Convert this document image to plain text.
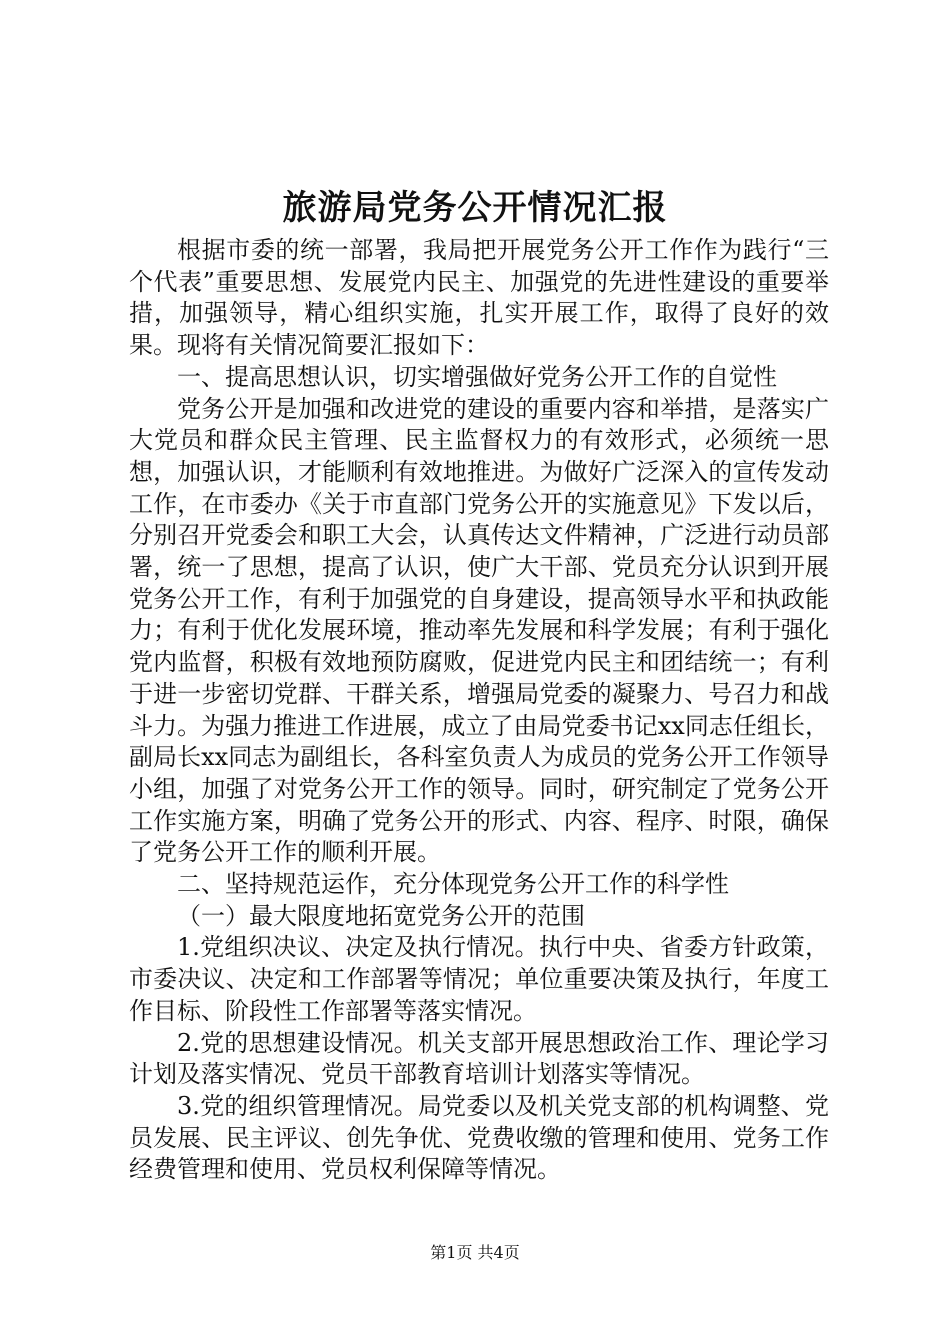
旅游局党务公开情况汇报

根据市委的统一部署，我局把开展党务公开工作作为践行“三个代表”重要思想、发展党内民主、加强党的先进性建设的重要举措，加强领导，精心组织实施，扎实开展工作，取得了良好的效果。现将有关情况简要汇报如下：

一、提高思想认识，切实增强做好党务公开工作的自觉性

党务公开是加强和改进党的建设的重要内容和举措，是落实广大党员和群众民主管理、民主监督权力的有效形式，必须统一思想，加强认识，才能顺利有效地推进。为做好广泛深入的宣传发动工作，在市委办《关于市直部门党务公开的实施意见》下发以后，分别召开党委会和职工大会，认真传达文件精神，广泛进行动员部署，统一了思想，提高了认识，使广大干部、党员充分认识到开展党务公开工作，有利于加强党的自身建设，提高领导水平和执政能力；有利于优化发展环境，推动率先发展和科学发展；有利于强化党内监督，积极有效地预防腐败，促进党内民主和团结统一；有利于进一步密切党群、干群关系，增强局党委的凝聚力、号召力和战斗力。为强力推进工作进展，成立了由局党委书记xx同志任组长，副局长xx同志为副组长，各科室负责人为成员的党务公开工作领导小组，加强了对党务公开工作的领导。同时，研究制定了党务公开工作实施方案，明确了党务公开的形式、内容、程序、时限，确保了党务公开工作的顺利开展。

二、坚持规范运作，充分体现党务公开工作的科学性

（一）最大限度地拓宽党务公开的范围

1.党组织决议、决定及执行情况。执行中央、省委方针政策，市委决议、决定和工作部署等情况；单位重要决策及执行，年度工作目标、阶段性工作部署等落实情况。

2.党的思想建设情况。机关支部开展思想政治工作、理论学习计划及落实情况、党员干部教育培训计划落实等情况。

3.党的组织管理情况。局党委以及机关党支部的机构调整、党员发展、民主评议、创先争优、党费收缴的管理和使用、党务工作经费管理和使用、党员权利保障等情况。

第1页 共4页
